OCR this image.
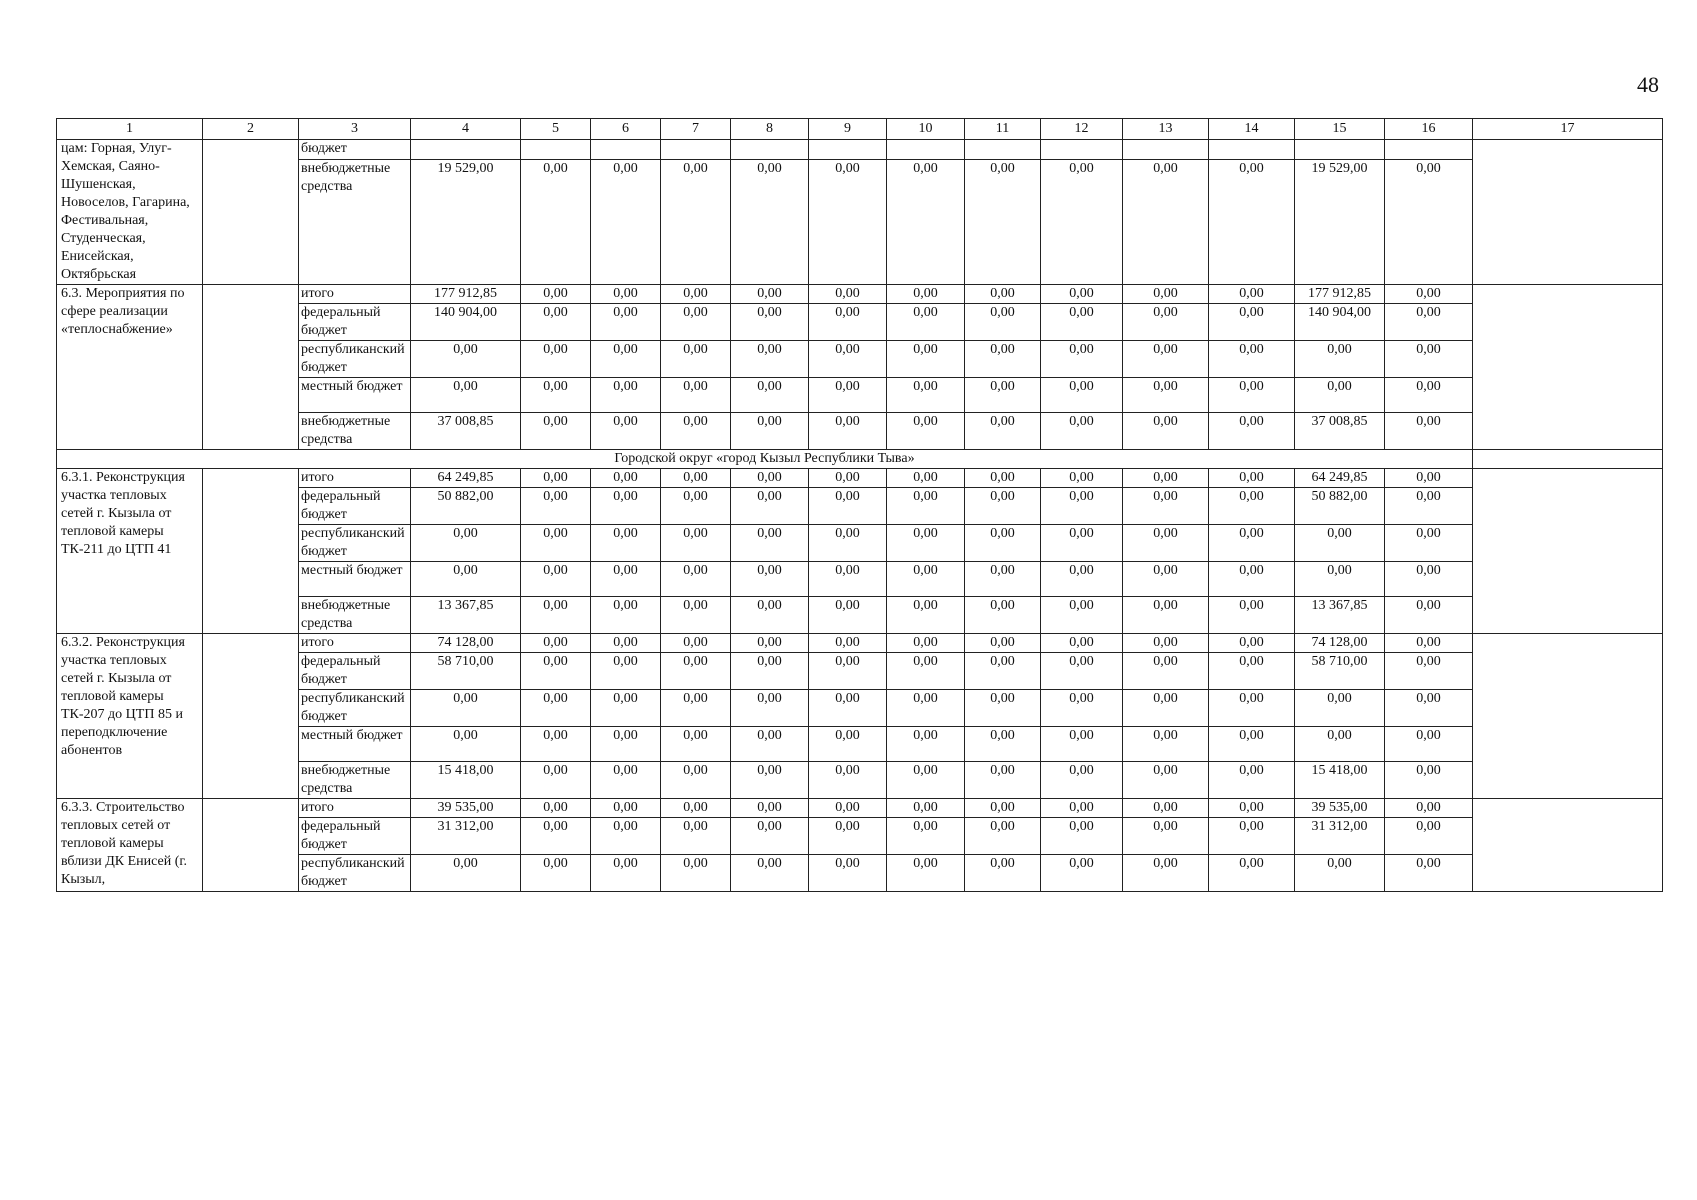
48
1	2	3	4	5	6	7	8	9	10	11	12	13	14	15	16	17
цам: Горная, Улуг-Хемская, Саяно-Шушенская, Новоселов, Гагарина, Фестивальная, Студенческая, Енисейская, Октябрьская		бюджет														
		внебюджетные средства	19 529,00	0,00	0,00	0,00	0,00	0,00	0,00	0,00	0,00	0,00	0,00	19 529,00	0,00	
6.3. Мероприятия по сфере реализации «теплоснабжение»		итого	177 912,85	0,00	0,00	0,00	0,00	0,00	0,00	0,00	0,00	0,00	0,00	177 912,85	0,00	
		федеральный бюджет	140 904,00	0,00	0,00	0,00	0,00	0,00	0,00	0,00	0,00	0,00	0,00	140 904,00	0,00	
		республиканский бюджет	0,00	0,00	0,00	0,00	0,00	0,00	0,00	0,00	0,00	0,00	0,00	0,00	0,00	
		местный бюджет	0,00	0,00	0,00	0,00	0,00	0,00	0,00	0,00	0,00	0,00	0,00	0,00	0,00	
		внебюджетные средства	37 008,85	0,00	0,00	0,00	0,00	0,00	0,00	0,00	0,00	0,00	0,00	37 008,85	0,00	
Городской округ «город Кызыл Республики Тыва»																
6.3.1. Реконструкция участка тепловых сетей г. Кызыла от тепловой камеры ТК-211 до ЦТП 41		итого	64 249,85	0,00	0,00	0,00	0,00	0,00	0,00	0,00	0,00	0,00	0,00	64 249,85	0,00	
		федеральный бюджет	50 882,00	0,00	0,00	0,00	0,00	0,00	0,00	0,00	0,00	0,00	0,00	50 882,00	0,00	
		республиканский бюджет	0,00	0,00	0,00	0,00	0,00	0,00	0,00	0,00	0,00	0,00	0,00	0,00	0,00	
		местный бюджет	0,00	0,00	0,00	0,00	0,00	0,00	0,00	0,00	0,00	0,00	0,00	0,00	0,00	
		внебюджетные средства	13 367,85	0,00	0,00	0,00	0,00	0,00	0,00	0,00	0,00	0,00	0,00	13 367,85	0,00	
6.3.2. Реконструкция участка тепловых сетей г. Кызыла от тепловой камеры ТК-207 до ЦТП 85 и переподключение абонентов		итого	74 128,00	0,00	0,00	0,00	0,00	0,00	0,00	0,00	0,00	0,00	0,00	74 128,00	0,00	
		федеральный бюджет	58 710,00	0,00	0,00	0,00	0,00	0,00	0,00	0,00	0,00	0,00	0,00	58 710,00	0,00	
		республиканский бюджет	0,00	0,00	0,00	0,00	0,00	0,00	0,00	0,00	0,00	0,00	0,00	0,00	0,00	
		местный бюджет	0,00	0,00	0,00	0,00	0,00	0,00	0,00	0,00	0,00	0,00	0,00	0,00	0,00	
		внебюджетные средства	15 418,00	0,00	0,00	0,00	0,00	0,00	0,00	0,00	0,00	0,00	0,00	15 418,00	0,00	
6.3.3. Строительство тепловых сетей от тепловой камеры вблизи ДК Енисей (г. Кызыл,		итого	39 535,00	0,00	0,00	0,00	0,00	0,00	0,00	0,00	0,00	0,00	0,00	39 535,00	0,00	
		федеральный бюджет	31 312,00	0,00	0,00	0,00	0,00	0,00	0,00	0,00	0,00	0,00	0,00	31 312,00	0,00	
		республиканский бюджет	0,00	0,00	0,00	0,00	0,00	0,00	0,00	0,00	0,00	0,00	0,00	0,00	0,00	
